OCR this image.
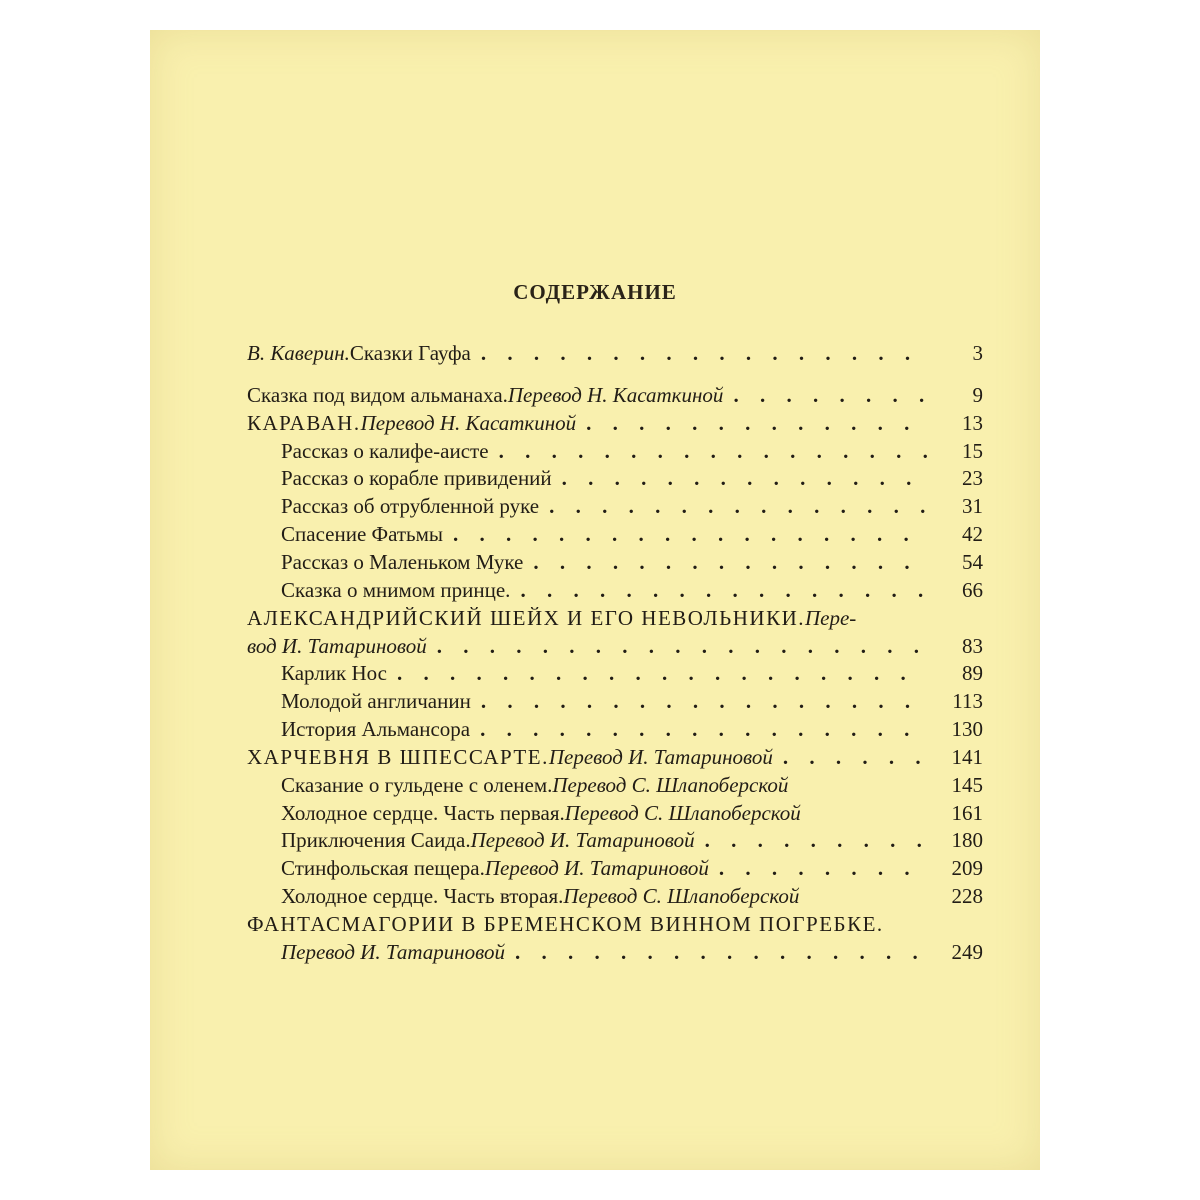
СОДЕРЖАНИЕ
В. Каверин. Сказки Гауфа . . .	3
Сказка под видом альманаха. Перевод Н. Касаткиной . . .	9
КАРАВАН. Перевод Н. Касаткиной . . .	13
Рассказ о калифе-аисте . . .	15
Рассказ о корабле привидений . . .	23
Рассказ об отрубленной руке . . .	31
Спасение Фатьмы . . .	42
Рассказ о Маленьком Муке . . .	54
Сказка о мнимом принце. . . .	66
АЛЕКСАНДРИЙСКИЙ ШЕЙХ И ЕГО НЕВОЛЬНИКИ. Пере-
вод И. Татариновой . . .	83
Карлик Нос . . .	89
Молодой англичанин . . .	113
История Альмансора . . .	130
ХАРЧЕВНЯ В ШПЕССАРТЕ. Перевод И. Татариновой . . .	141
Сказание о гульдене с оленем. Перевод С. Шлапоберской	145
Холодное сердце. Часть первая. Перевод С. Шлапоберской	161
Приключения Саида. Перевод И. Татариновой . . .	180
Стинфольская пещера. Перевод И. Татариновой . . .	209
Холодное сердце. Часть вторая. Перевод С. Шлапоберской	228
ФАНТАСМАГОРИИ В БРЕМЕНСКОМ ВИННОМ ПОГРЕБКЕ.
Перевод И. Татариновой . . .	249
